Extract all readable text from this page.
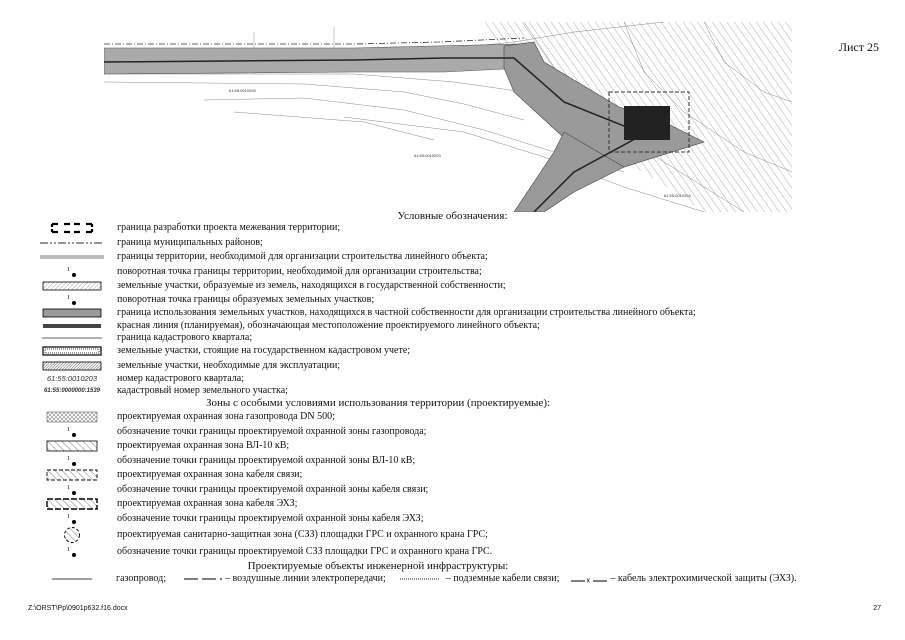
61:55:0010203
61:55:0010205
61:55:0010204
Лист 25
Условные обозначения:
граница разработки проекта межевания территории;
граница муниципальных районов;
границы территории, необходимой для организации строительства линейного объекта;
1	поворотная точка границы территории, необходимой для организации строительства;
земельные участки, образуемые из земель, находящихся в государственной собственности;
1	поворотная точка границы образуемых земельных участков;
граница использования земельных участков, находящихся в частной собственности для организации строительства линейного объекта;
красная линия (планируемая), обозначающая местоположение проектируемого линейного объекта;
граница кадастрового квартала;
земельные участки, стоящие на государственном кадастровом учете;
земельные участки, необходимые для эксплуатации;
61:55:0010203 номер кадастрового квартала;
61:55:0000000:1539 кадастровый номер земельного участка;
Зоны с особыми условиями использования территории (проектируемые):
проектируемая охранная зона газопровода DN 500;
1	обозначение точки границы проектируемой охранной зоны газопровода;
проектируемая охранная зона ВЛ-10 кВ;
1	обозначение точки границы проектируемой охранной зоны ВЛ-10 кВ;
проектируемая охранная зона кабеля связи;
1	обозначение точки границы проектируемой охранной зоны кабеля связи;
проектируемая охранная зона кабеля ЭХЗ;
1	обозначение точки границы проектируемой охранной зоны кабеля ЭХЗ;
проектируемая санитарно-защитная зона (СЗЗ) площадки ГРС и охранного крана ГРС;
1	обозначение точки границы проектируемой СЗЗ площадки ГРС и охранного крана ГРС.
Проектируемые объекты инженерной инфраструктуры:
газопровод;	– воздушные линии электропередачи;	– подземные кабели связи;	x – кабель электрохимической защиты (ЭХЗ).
Z:\ORST\Pp\0901p632.f16.docx	27
